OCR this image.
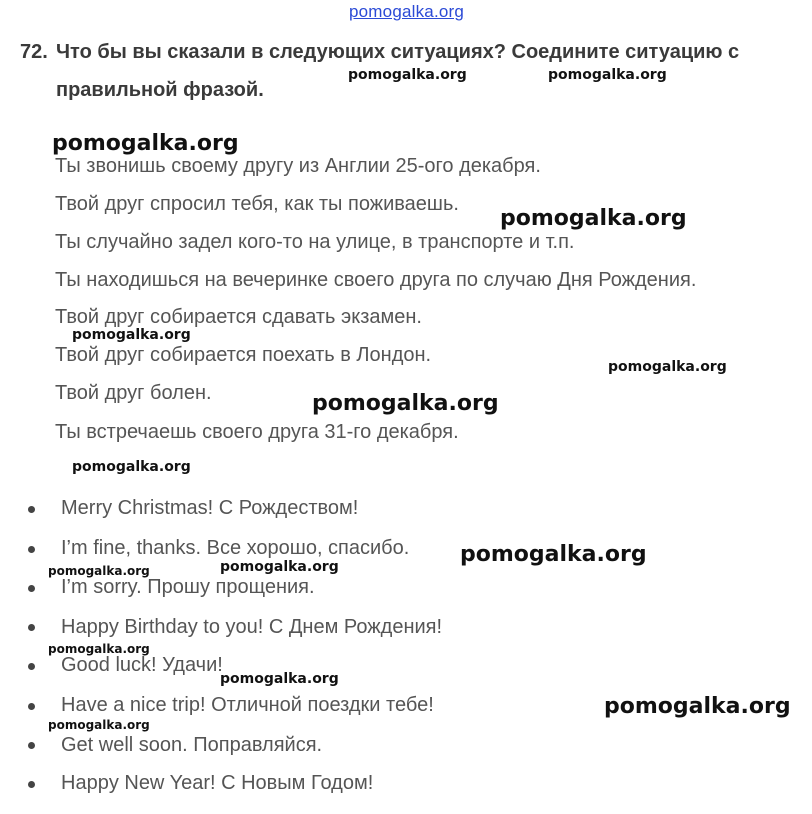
pomogalka.org
72. Что бы вы сказали в следующих ситуациях? Соедините ситуацию с
правильной фразой.
Ты звонишь своему другу из Англии 25-ого декабря.
Твой друг спросил тебя, как ты поживаешь.
Ты случайно задел кого-то на улице, в транспорте и т.п.
Ты находишься на вечеринке своего друга по случаю Дня Рождения.
Твой друг собирается сдавать экзамен.
Твой друг собирается поехать в Лондон.
Твой друг болен.
Ты встречаешь своего друга 31-го декабря.
Merry Christmas! С Рождеством!
I’m fine, thanks. Все хорошо, спасибо.
I’m sorry. Прошу прощения.
Happy Birthday to you! С Днем Рождения!
Good luck! Удачи!
Have a nice trip! Отличной поездки тебе!
Get well soon. Поправляйся.
Happy New Year! С Новым Годом!
pomogalka.org	pomogalka.org
pomogalka.org
pomogalka.org
pomogalka.org
pomogalka.org
pomogalka.org
pomogalka.org
pomogalka.org
pomogalka.org	pomogalka.org
pomogalka.org
pomogalka.org
pomogalka.org
pomogalka.org
